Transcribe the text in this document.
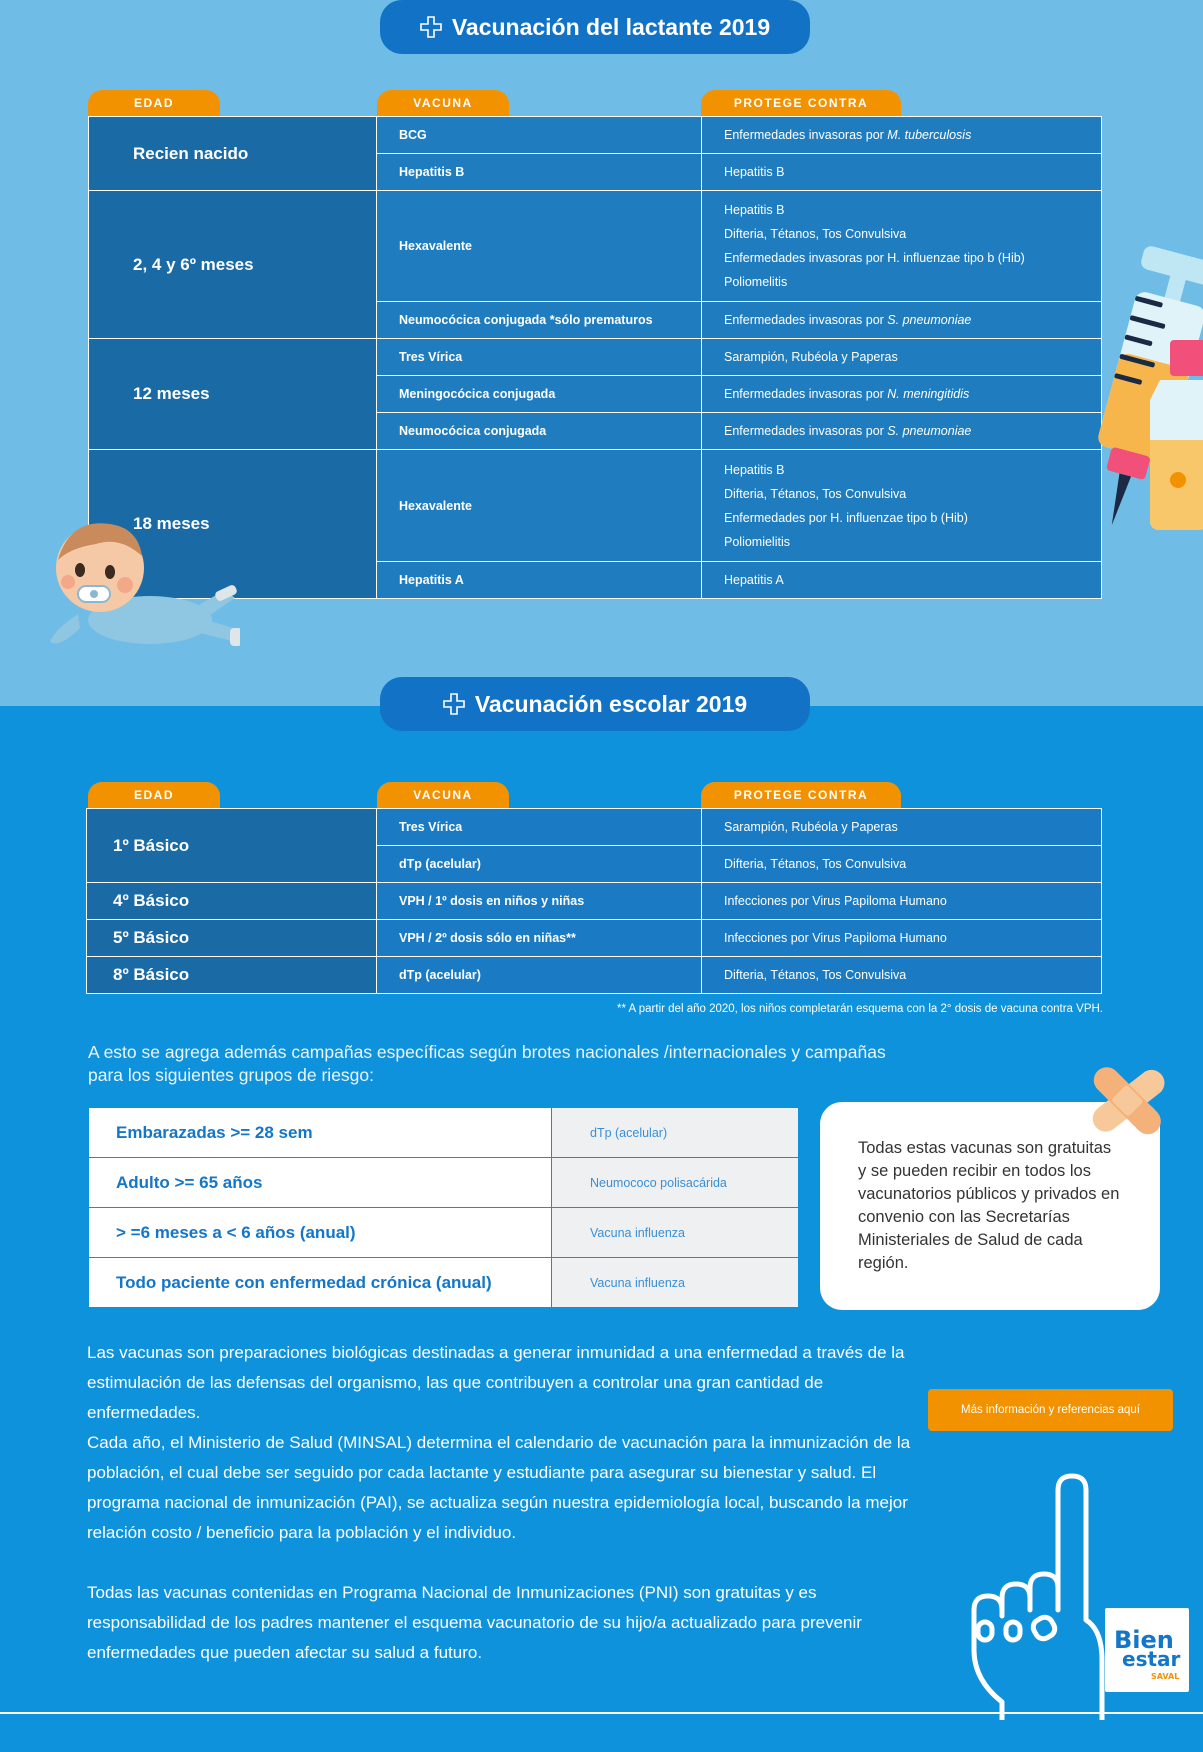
Vacunación del lactante 2019
EDAD	VACUNA	PROTEGE CONTRA
Recien nacido	BCG	Enfermedades invasoras por M. tuberculosis
	Hepatitis B	Hepatitis B
2, 4 y 6º meses	Hexavalente	Hepatitis B
Difteria, Tétanos, Tos Convulsiva
Enfermedades invasoras por H. influenzae tipo b (Hib)
Poliomelitis

	Neumocócica conjugada *sólo prematuros	Enfermedades invasoras por S. pneumoniae
12 meses	Tres Vírica	Sarampión, Rubéola y Paperas
	Meningocócica conjugada	Enfermedades invasoras por N. meningitidis
	Neumocócica conjugada	Enfermedades invasoras por S. pneumoniae
18 meses	Hexavalente	Hepatitis B
Difteria, Tétanos, Tos Convulsiva
Enfermedades por H. influenzae tipo b (Hib)
Poliomielitis

	Hepatitis A	Hepatitis A
Vacunación escolar 2019
EDAD	VACUNA	PROTEGE CONTRA
1º Básico	Tres Vírica	Sarampión, Rubéola y Paperas
	dTp (acelular)	Difteria, Tétanos, Tos Convulsiva
4º Básico	VPH / 1º dosis en niños y niñas	Infecciones por Virus Papiloma Humano
5º Básico	VPH / 2º dosis sólo en niñas**	Infecciones por Virus Papiloma Humano
8º Básico	dTp (acelular)	Difteria, Tétanos, Tos Convulsiva
** A partir del año 2020, los niños completarán esquema con la 2° dosis de vacuna contra VPH.
A esto se agrega además campañas específicas según brotes nacionales /internacionales y campañas para los siguientes grupos de riesgo:
Embarazadas >= 28 sem	dTp (acelular)
Adulto >= 65 años	Neumococo polisacárida
> =6 meses a < 6 años (anual)	Vacuna influenza
Todo paciente con enfermedad crónica (anual)	Vacuna influenza
Todas estas vacunas son gratuitas y se pueden recibir en todos los vacunatorios públicos y privados en convenio con las Secretarías Ministeriales de Salud de cada región.
Más información y referencias aquí
Las vacunas son preparaciones biológicas destinadas a generar inmunidad a una enfermedad a través de la estimulación de las defensas del organismo, las que contribuyen a controlar una gran cantidad de enfermedades.
Cada año, el Ministerio de Salud (MINSAL) determina el calendario de vacunación para la inmunización de la población, el cual debe ser seguido por cada lactante y estudiante para asegurar su bienestar y salud. El programa nacional de inmunización (PAI), se actualiza según nuestra epidemiología local, buscando la mejor relación costo / beneficio para la población y el individuo.
Todas las vacunas contenidas en Programa Nacional de Inmunizaciones (PNI) son gratuitas y es responsabilidad de los padres mantener el esquema vacunatorio de su hijo/a actualizado para prevenir enfermedades que pueden afectar su salud a futuro.	Bien
estar
SAVAL
